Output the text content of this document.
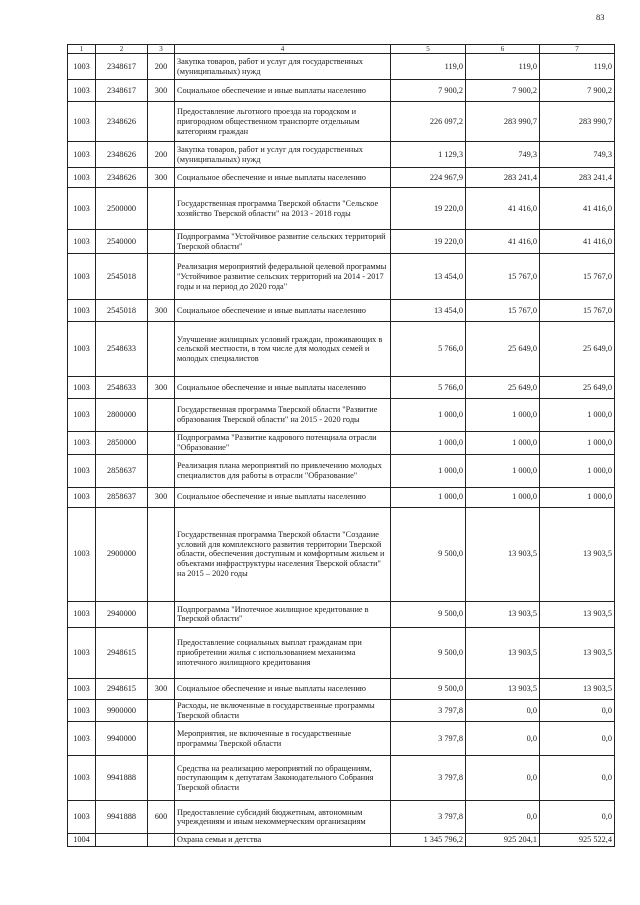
83
1	2	3	4	5	6	7
1003	2348617	200	Закупка товаров, работ и услуг для государственных (муниципальных) нужд	119,0	119,0	119,0
1003	2348617	300	Социальное обеспечение и иные выплаты населению	7 900,2	7 900,2	7 900,2
1003	2348626		Предоставление льготного проезда на городском и пригородном общественном транспорте отдельным категориям граждан	226 097,2	283 990,7	283 990,7
1003	2348626	200	Закупка товаров, работ и услуг для государственных (муниципальных) нужд	1 129,3	749,3	749,3
1003	2348626	300	Социальное обеспечение и иные выплаты населению	224 967,9	283 241,4	283 241,4
1003	2500000		Государственная программа Тверской области "Сельское хозяйство Тверской области" на 2013 - 2018 годы	19 220,0	41 416,0	41 416,0
1003	2540000		Подпрограмма "Устойчивое развитие сельских территорий Тверской области"	19 220,0	41 416,0	41 416,0
1003	2545018		Реализация мероприятий федеральной целевой программы "Устойчивое развитие сельских территорий на 2014 - 2017 годы и на период до 2020 года"	13 454,0	15 767,0	15 767,0
1003	2545018	300	Социальное обеспечение и иные выплаты населению	13 454,0	15 767,0	15 767,0
1003	2548633		Улучшение жилищных условий граждан, проживающих в сельской местности, в том числе для молодых семей и молодых специалистов	5 766,0	25 649,0	25 649,0
1003	2548633	300	Социальное обеспечение и иные выплаты населению	5 766,0	25 649,0	25 649,0
1003	2800000		Государственная программа Тверской области "Развитие образования Тверской области" на 2015 - 2020 годы	1 000,0	1 000,0	1 000,0
1003	2850000		Подпрограмма "Развитие кадрового потенциала отрасли "Образование"	1 000,0	1 000,0	1 000,0
1003	2858637		Реализация плана мероприятий по привлечению молодых специалистов для работы в отрасли "Образование"	1 000,0	1 000,0	1 000,0
1003	2858637	300	Социальное обеспечение и иные выплаты населению	1 000,0	1 000,0	1 000,0
1003	2900000		Государственная программа Тверской области "Создание условий для комплексного развития территории Тверской области, обеспечения доступным и комфортным жильем и объектами инфраструктуры населения Тверской области" на 2015 – 2020 годы	9 500,0	13 903,5	13 903,5
1003	2940000		Подпрограмма "Ипотечное жилищное кредитование в Тверской области"	9 500,0	13 903,5	13 903,5
1003	2948615		Предоставление социальных выплат гражданам при приобретении жилья с использованием механизма ипотечного жилищного кредитования	9 500,0	13 903,5	13 903,5
1003	2948615	300	Социальное обеспечение и иные выплаты населению	9 500,0	13 903,5	13 903,5
1003	9900000		Расходы, не включенные в государственные программы Тверской области	3 797,8	0,0	0,0
1003	9940000		Мероприятия, не включенные в государственные программы Тверской области	3 797,8	0,0	0,0
1003	9941888		Средства на реализацию мероприятий по обращениям, поступающим к депутатам Законодательного Собрания Тверской области	3 797,8	0,0	0,0
1003	9941888	600	Предоставление субсидий бюджетным, автономным учреждениям и иным некоммерческим организациям	3 797,8	0,0	0,0
1004			Охрана семьи и детства	1 345 796,2	925 204,1	925 522,4
